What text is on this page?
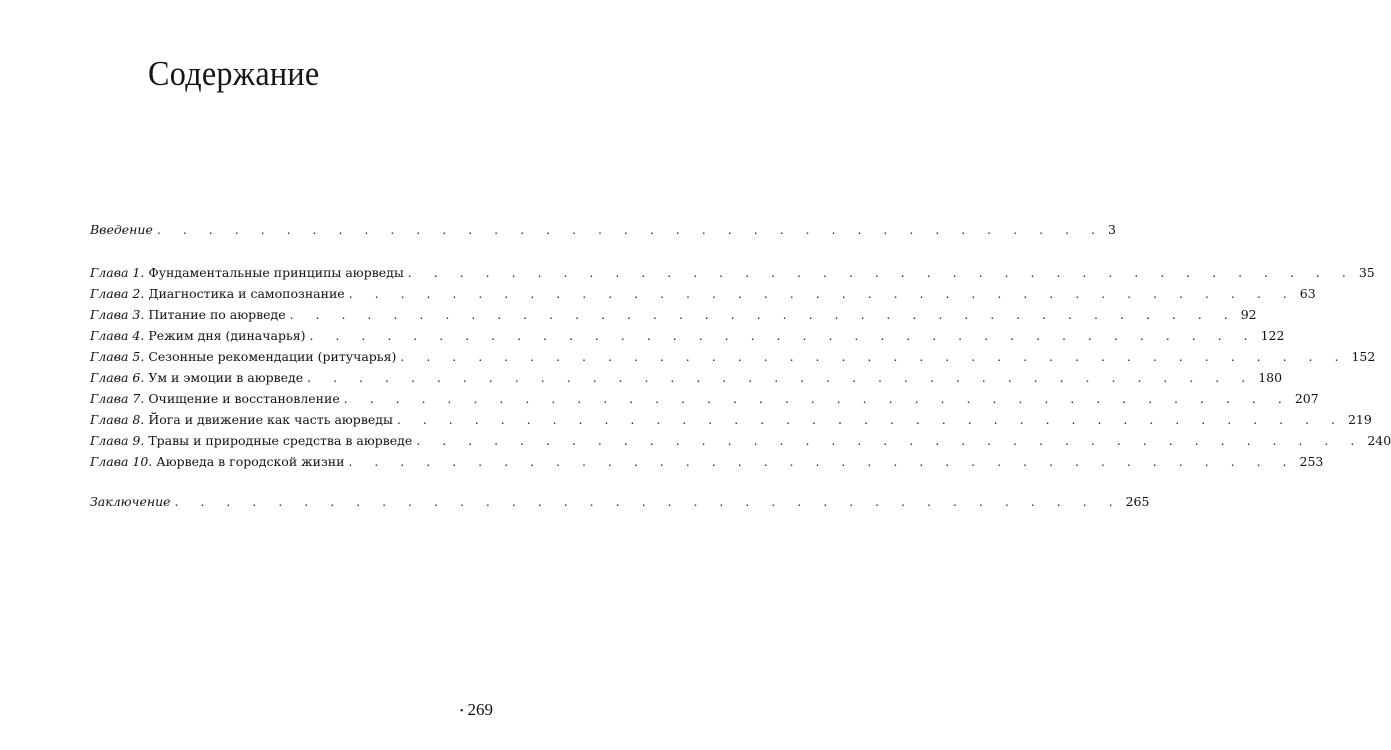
Содержание
Введение . . . . . . . . . . . . . . . . . . . . . . . . . . . . . . . . . . . . . 3
Глава 1.
Фундаментальные принципы аюрведы . . . . . . . . . . . . . . . . . . . . . . . . . . . . . . . . . . . . . 35
Глава 2.
Диагностика и самопознание . . . . . . . . . . . . . . . . . . . . . . . . . . . . . . . . . . . . . 63
Глава 3.
Питание по аюрведе . . . . . . . . . . . . . . . . . . . . . . . . . . . . . . . . . . . . . 92
Глава 4.
Режим дня (диначарья) . . . . . . . . . . . . . . . . . . . . . . . . . . . . . . . . . . . . . 122
Глава 5.
Сезонные рекомендации (ритучарья) . . . . . . . . . . . . . . . . . . . . . . . . . . . . . . . . . . . . . 152
Глава 6.
Ум и эмоции в аюрведе . . . . . . . . . . . . . . . . . . . . . . . . . . . . . . . . . . . . . 180
Глава 7.
Очищение и восстановление . . . . . . . . . . . . . . . . . . . . . . . . . . . . . . . . . . . . . 207
Глава 8.
Йога и движение как часть аюрведы . . . . . . . . . . . . . . . . . . . . . . . . . . . . . . . . . . . . . 219
Глава 9.
Травы и природные средства в аюрведе . . . . . . . . . . . . . . . . . . . . . . . . . . . . . . . . . . . . . 240
Глава 10.
Аюрведа в городской жизни . . . . . . . . . . . . . . . . . . . . . . . . . . . . . . . . . . . . . 253
Заключение . . . . . . . . . . . . . . . . . . . . . . . . . . . . . . . . . . . . . 265
• 269
